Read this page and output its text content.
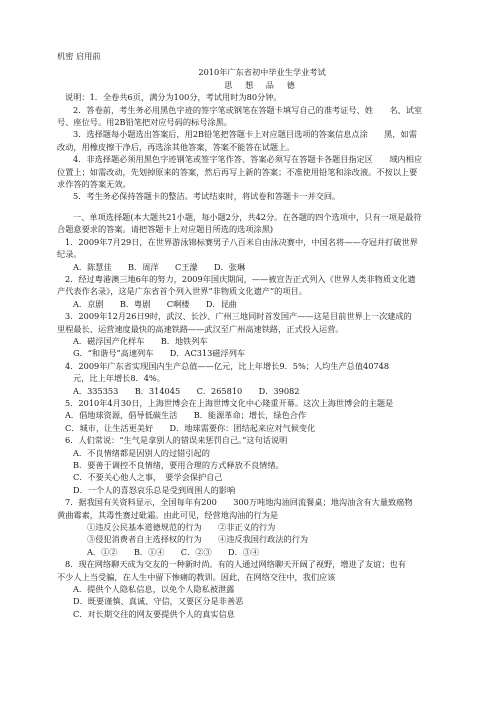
机密 启用前
2010年广东省初中毕业生学业考试
思 想 品 德
说明：1．全卷共6页，满分为100分，考试用时为80分钟。
2．答卷前，考生务必用黑色字迹的签字笔或钢笔在答题卡填写自己的准考证号、姓　　名、试室
号、座位号。用2B铅笔把对应号码的标号涂黑。
3．选择题每小题选出答案后，用2B铅笔把答题卡上对应题目选项的答案信息点涂　　黑，如需
改动，用橡皮擦干净后，再选涂其他答案，答案不能答在试题上。
4．非选择题必须用黑色字迹钢笔或签字笔作答、答案必须写在答题卡各题目指定区　　域内相应
位置上；如需改动，先划掉原来的答案，然后再写上新的答案；不准使用铅笔和涂改液。不按以上要
求作答的答案无效。
5．考生务必保持答题卡的整洁。考试结束时，将试卷和答题卡一并交回。
一、单项选择题(本大题共21小题，每小题2分，共42分。在各题的四个选项中，只有一项是最符
合题意要求的答案。请把答题卡上对应题目所选的选项涂黑)
1．2009年7月29日，在世界游泳锦标赛男子八百米自由泳决赛中，中国名将——夺冠并打破世界
纪录。
A．陈慧佳　　B．周洋　　C王濛　　D．张琳
2．经过粤港澳三地6年的努力，2009年国庆期间，——被宣告正式列入《世界人类非物质文化遗
产代表作名录》，这是广东省首个列入世界“非物质文化遗产”的项目。
A．京剧　　B．粤剧　　C啊楼　　D．昆曲
3．2009年12月26日9时，武汉、长沙、广州三地同时首发国产——这是目前世界上一次建成的
里程最长、运营速度最快的高速铁路——武汉至广州高速铁路，正式投入运营。
A．磁浮国产化样车　　B．地铁列车
G．“和谐号”高速列车　　D．AC313磁浮列车
4．2009年广东省实现国内生产总值——亿元，比上年增长9．5%；人均生产总值40748
元，比上年增长8．4%。
A．335353　　B．314045　　C．265810　　D．39082
5．2010年4月30日，上海世博会在上海世博文化中心隆重开幕。这次上海世博会的主题是
A．倡地球资源，倡导低碳生活　　B．能源革命；增长，绿色合作
C．城市，让生活更美好　　D．地球需要你：团结起来应对气候变化
6．人们常说：“生气是拿别人的错误来惩罚自己。”这句话说明
A．不良情绪都是因别人的过错引起的
B．要善于调控不良情绪，要用合理的方式释放不良情绪。
C．不要关心他人之事，　要学会保护自己
D．一个人的喜怒哀乐总是受到周围人的影响
7．据我国有关资料显示，全国每年有200　　300万吨地沟油回流餐桌；地沟油含有大量致癌物
黄曲霉素，其毒性赛过砒霜。由此可见，经营地沟油的行为是
①违反公民基本道德规范的行为　　②非正义的行为
③侵犯消费者自主选择权的行为　　④违反我国行政法的行为
A．①②　　B．①④　　C．②③　　D．③④
8．现在网络聊天成为交友的一种新时尚。有的人通过网络聊天开阔了视野，增进了友谊；也有
不少人上当受骗，在人生中留下惨痛的教训。因此，在网络交往中，我们应该
A．提供个人隐私信息，以免个人隐私被泄露
D．既要谨慎、真诚、守信，又要区分是非善恶
C．对长期交往的网友要提供个人的真实信息
